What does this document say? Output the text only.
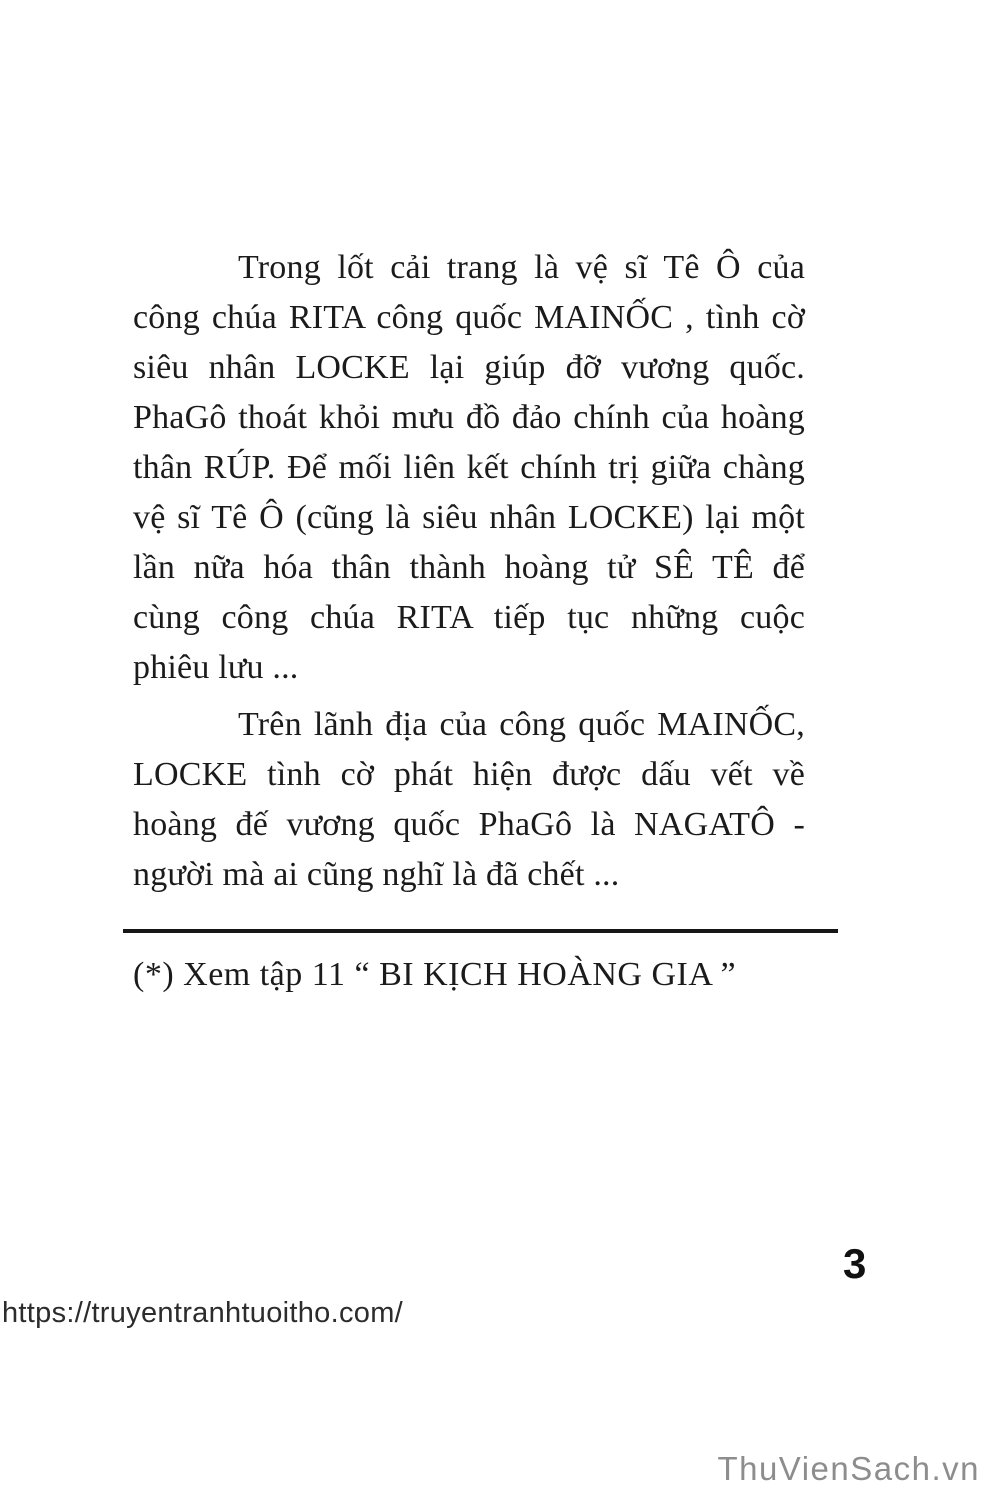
Trong lốt cải trang là vệ sĩ Tê Ô của
công chúa RITA công quốc MAINỐC , tình cờ
siêu nhân LOCKE lại giúp đỡ vương quốc.
PhaGô thoát khỏi mưu đồ đảo chính của hoàng
thân RÚP. Để mối liên kết chính trị giữa chàng
vệ sĩ Tê Ô (cũng là siêu nhân LOCKE) lại một
lần nữa hóa thân thành hoàng tử SÊ TÊ để
cùng công chúa RITA tiếp tục những cuộc
phiêu lưu ...
Trên lãnh địa của công quốc MAINỐC,
LOCKE tình cờ phát hiện được dấu vết về
hoàng đế vương quốc PhaGô là NAGATÔ -
người mà ai cũng nghĩ là đã chết ...
(*) Xem tập 11 “ BI KỊCH HOÀNG GIA ”
3
https://truyentranhtuoitho.com/
ThuVienSach.vn
